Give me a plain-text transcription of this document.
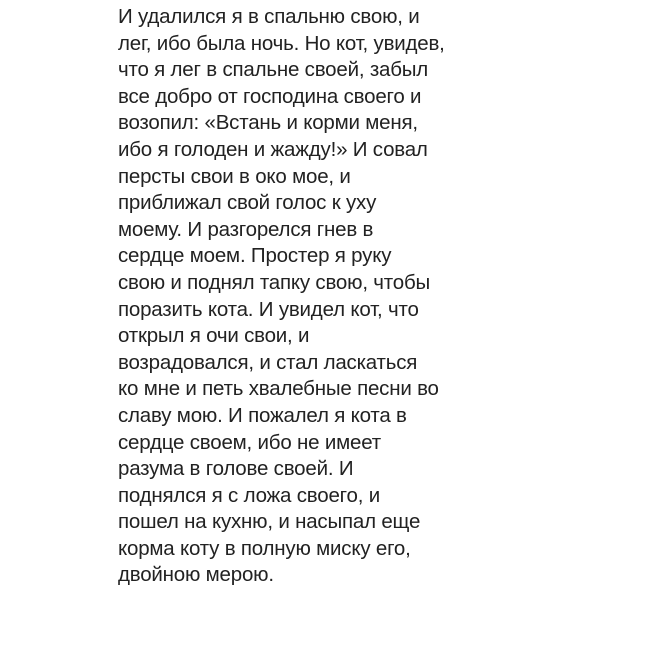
И удалился я в спальню свою, и
лег, ибо была ночь. Но кот, увидев,
что я лег в спальне своей, забыл
все добро от господина своего и
возопил: «Встань и корми меня,
ибо я голоден и жажду!» И совал
персты свои в око мое, и
приближал свой голос к уху
моему. И разгорелся гнев в
сердце моем. Простер я руку
свою и поднял тапку свою, чтобы
поразить кота. И увидел кот, что
открыл я очи свои, и
возрадовался, и стал ласкаться
ко мне и петь хвалебные песни во
славу мою. И пожалел я кота в
сердце своем, ибо не имеет
разума в голове своей. И
поднялся я с ложа своего, и
пошел на кухню, и насыпал еще
корма коту в полную миску его,
двойною мерою.
